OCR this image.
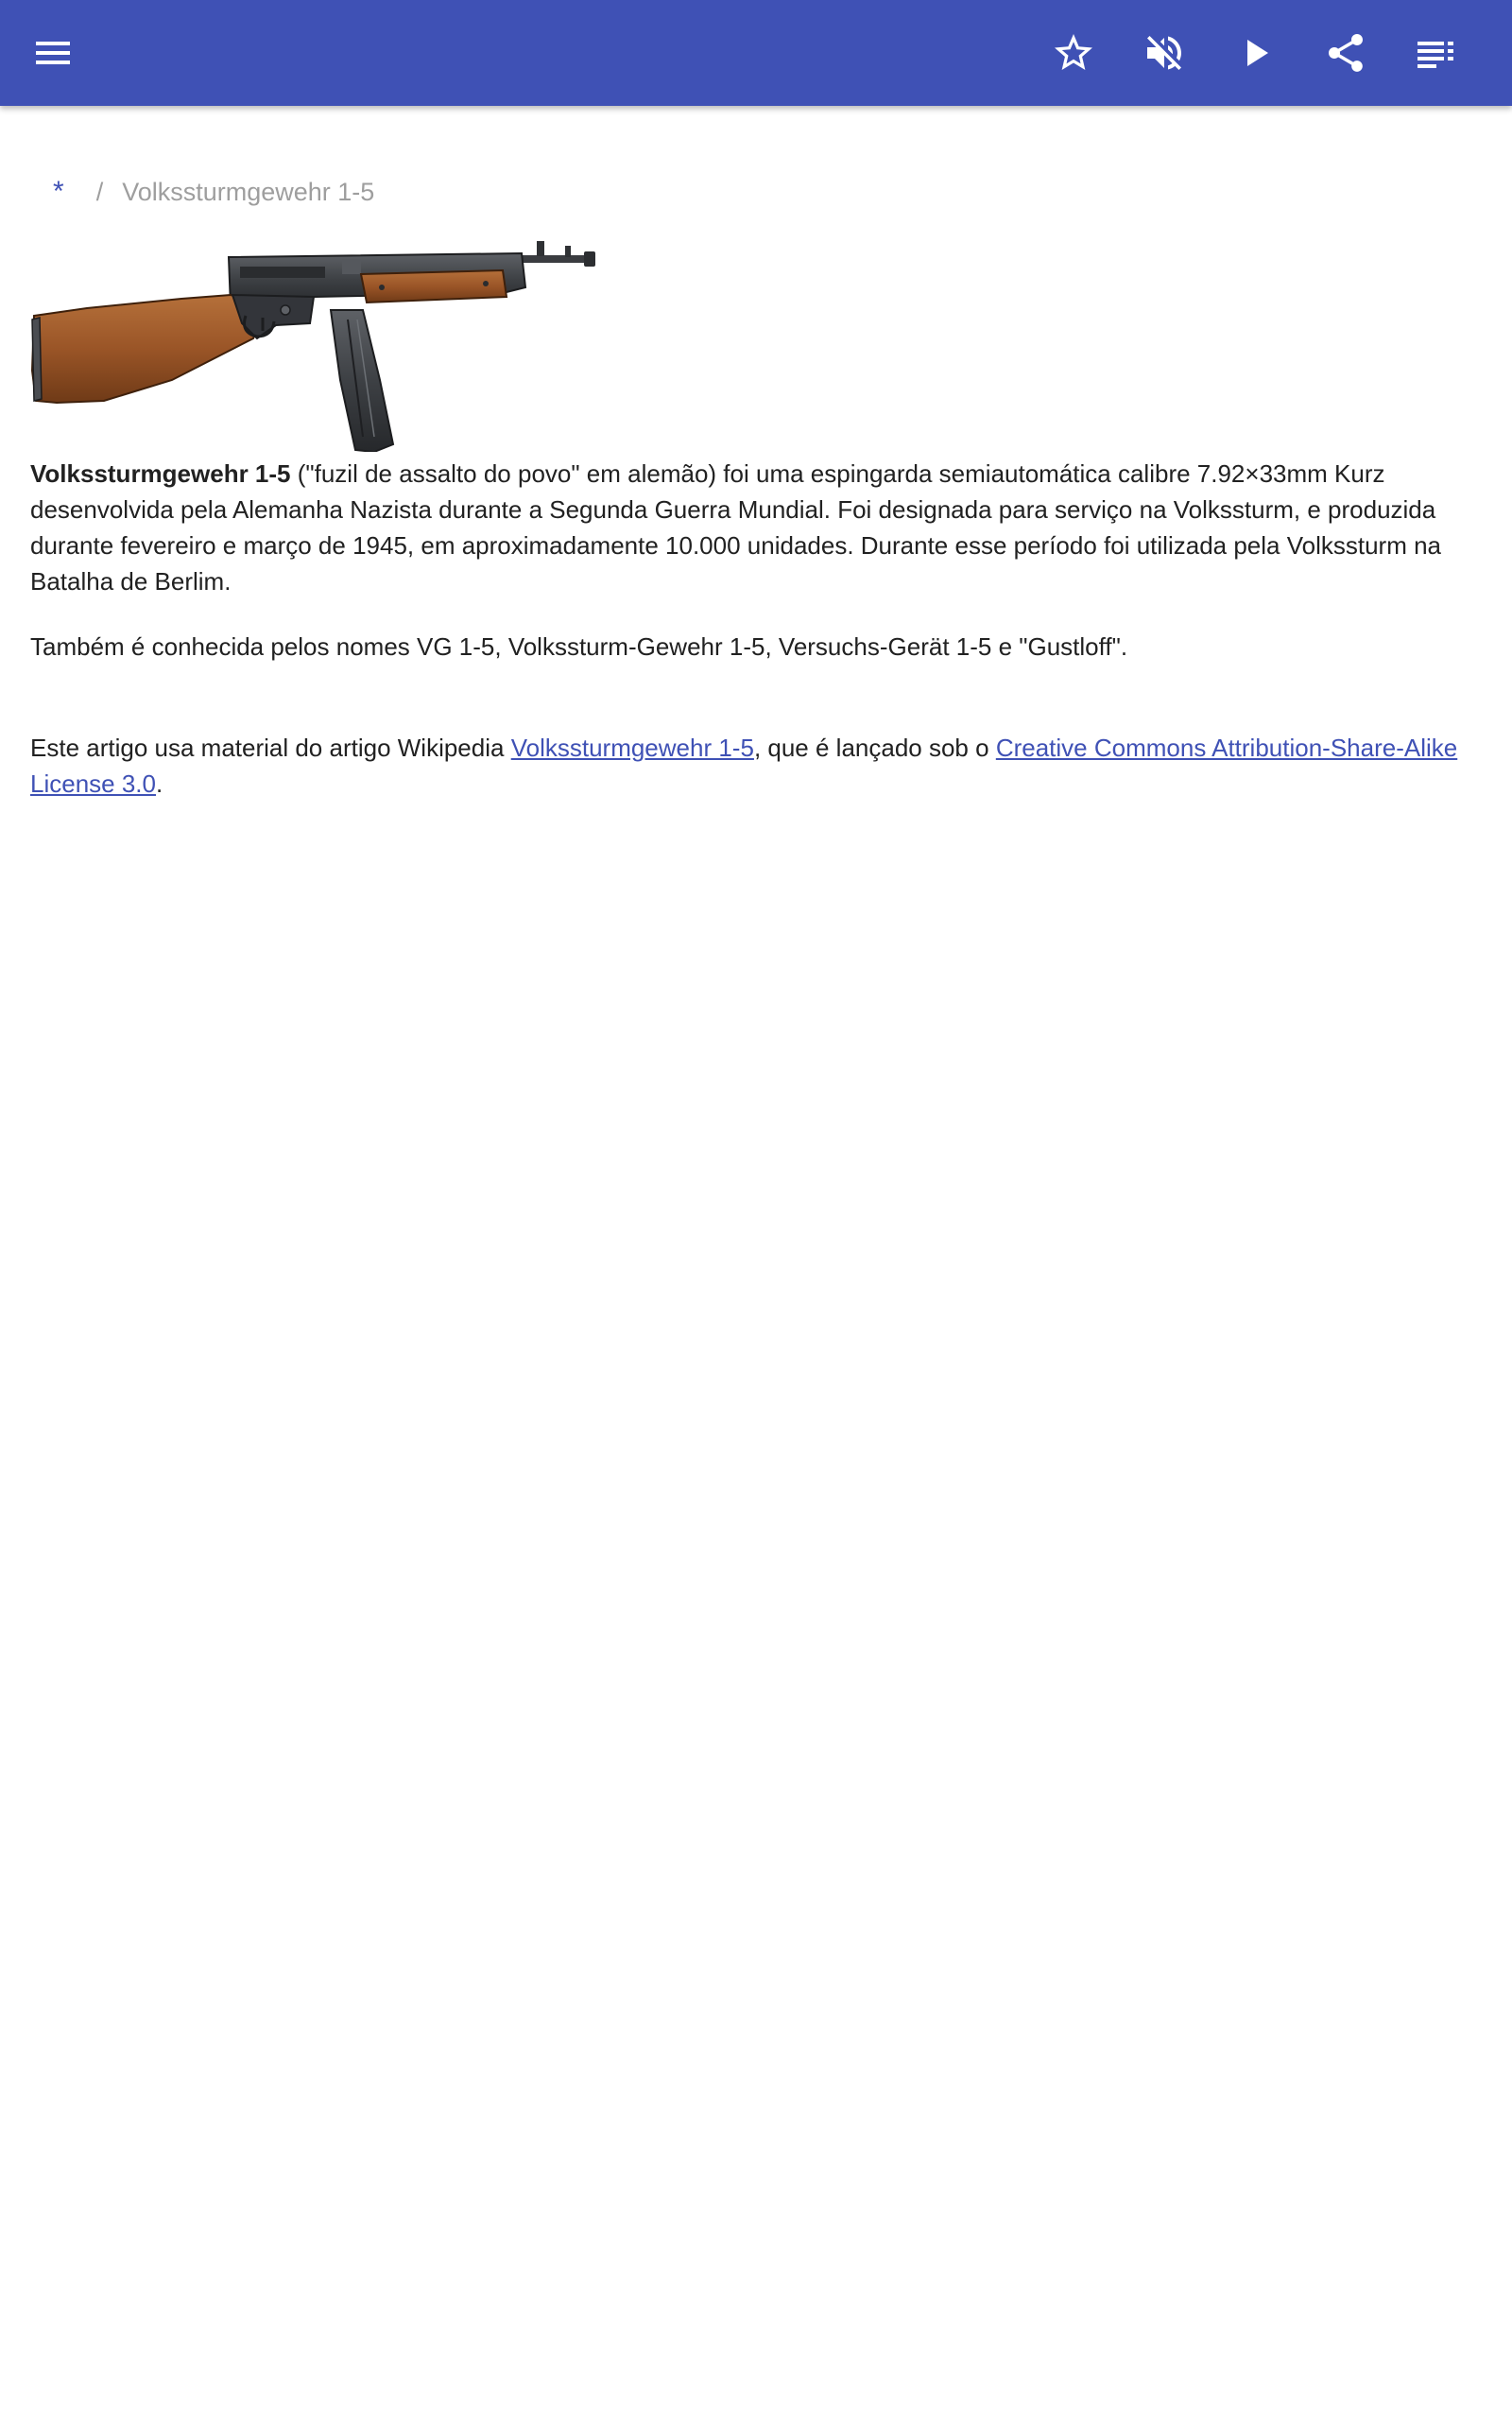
*	/ Volkssturmgewehr 1-5

Volkssturmgewehr 1-5 ("fuzil de assalto do povo" em alemão) foi uma espingarda semiautomática calibre 7.92×33mm Kurz desenvolvida pela Alemanha Nazista durante a Segunda Guerra Mundial. Foi designada para serviço na Volkssturm, e produzida durante fevereiro e março de 1945, em aproximadamente 10.000 unidades. Durante esse período foi utilizada pela Volkssturm na Batalha de Berlim.

Também é conhecida pelos nomes VG 1-5, Volkssturm-Gewehr 1-5, Versuchs-Gerät 1-5 e "Gustloff".

Este artigo usa material do artigo Wikipedia Volkssturmgewehr 1-5, que é lançado sob o Creative Commons Attribution-Share-Alike License 3.0.
